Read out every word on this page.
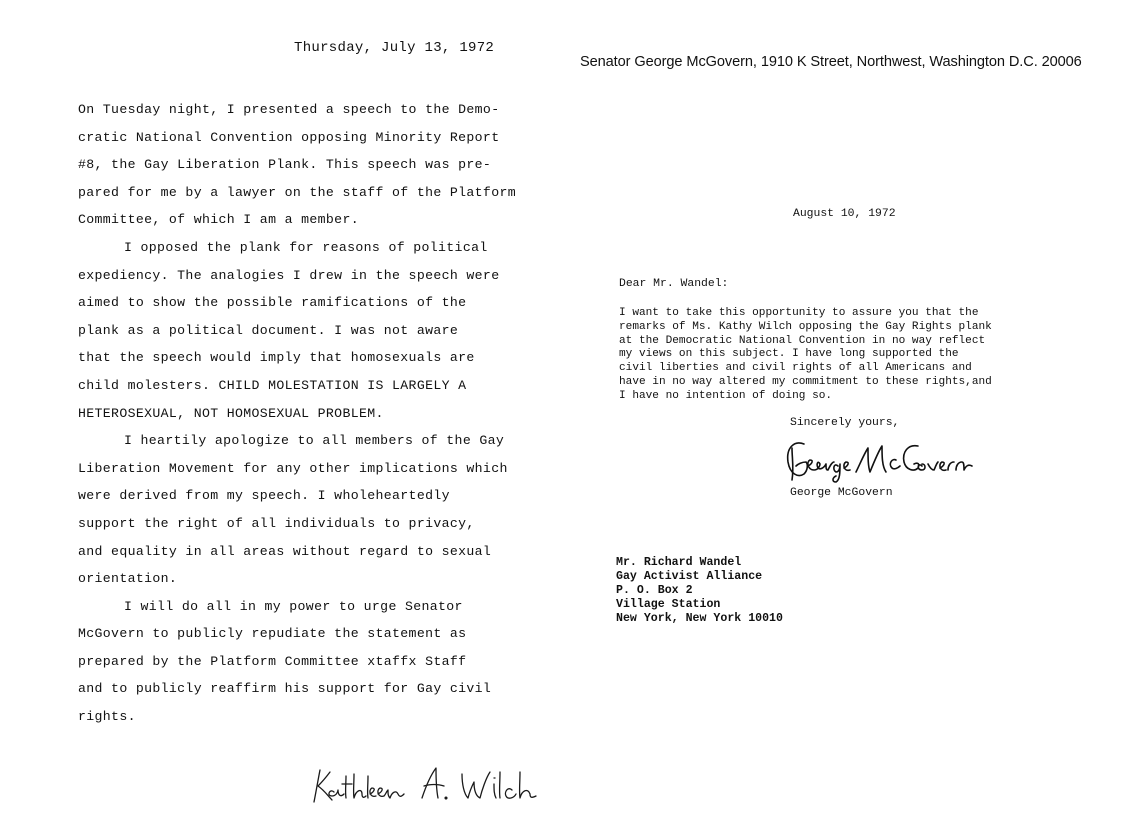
Thursday, July 13, 1972
On Tuesday night, I presented a speech to the Demo-
cratic National Convention opposing Minority Report
#8, the Gay Liberation Plank. This speech was pre-
pared for me by a lawyer on the staff of the Platform
Committee, of which I am a member.
I opposed the plank for reasons of political
expediency. The analogies I drew in the speech were
aimed to show the possible ramifications of the
plank as a political document. I was not aware
that the speech would imply that homosexuals are
child molesters. CHILD MOLESTATION IS LARGELY A
HETEROSEXUAL, NOT HOMOSEXUAL PROBLEM.
I heartily apologize to all members of the Gay
Liberation Movement for any other implications which
were derived from my speech. I wholeheartedly
support the right of all individuals to privacy,
and equality in all areas without regard to sexual
orientation.
I will do all in my power to urge Senator
McGovern to publicly repudiate the statement as
prepared by the Platform Committee xtaffx Staff
and to publicly reaffirm his support for Gay civil
rights.
Senator George McGovern, 1910 K Street, Northwest, Washington D.C. 20006
August 10, 1972
Dear Mr. Wandel:
I want to take this opportunity to assure you that the
remarks of Ms. Kathy Wilch opposing the Gay Rights plank
at the Democratic National Convention in no way reflect
my views on this subject. I have long supported the
civil liberties and civil rights of all Americans and
have in no way altered my commitment to these rights,and
I have no intention of doing so.
Sincerely yours,
George McGovern
Mr. Richard Wandel
Gay Activist Alliance
P. O. Box 2
Village Station
New York, New York 10010
